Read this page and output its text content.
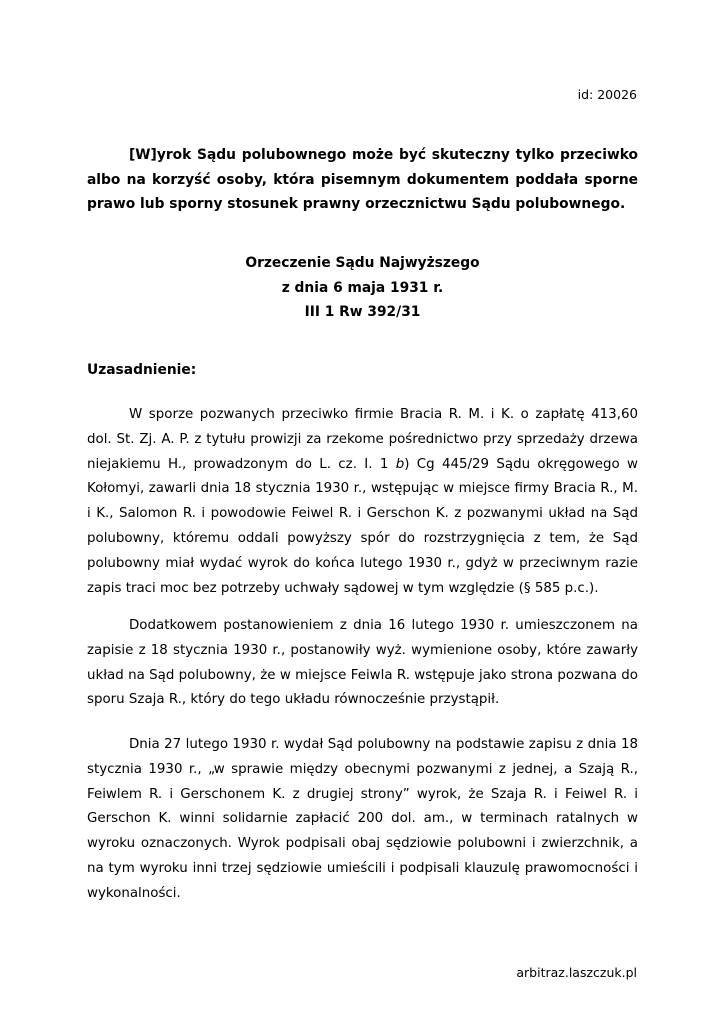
id: 20026

[W]yrok Sądu polubownego może być skuteczny tylko przeciwko albo na korzyść osoby, która pisemnym dokumentem poddała sporne prawo lub sporny stosunek prawny orzecznictwu Sądu polubownego.

Orzeczenie Sądu Najwyższego
z dnia 6 maja 1931 r.
III 1 Rw 392/31

Uzasadnienie:

W sporze pozwanych przeciwko firmie Bracia R. M. i K. o zapłatę 413,60 dol. St. Zj. A. P. z tytułu prowizji za rzekome pośrednictwo przy sprzedaży drzewa niejakiemu H., prowadzonym do L. cz. I. 1 b) Cg 445/29 Sądu okręgowego w Kołomyi, zawarli dnia 18 stycznia 1930 r., wstępując w miejsce firmy Bracia R., M. i K., Salomon R. i powodowie Feiwel R. i Gerschon K. z pozwanymi układ na Sąd polubowny, któremu oddali powyższy spór do rozstrzygnięcia z tem, że Sąd polubowny miał wydać wyrok do końca lutego 1930 r., gdyż w przeciwnym razie zapis traci moc bez potrzeby uchwały sądowej w tym względzie (§ 585 p.c.).

Dodatkowem postanowieniem z dnia 16 lutego 1930 r. umieszczonem na zapisie z 18 stycznia 1930 r., postanowiły wyż. wymienione osoby, które zawarły układ na Sąd polubowny, że w miejsce Feiwla R. wstępuje jako strona pozwana do sporu Szaja R., który do tego układu równocześnie przystąpił.

Dnia 27 lutego 1930 r. wydał Sąd polubowny na podstawie zapisu z dnia 18 stycznia 1930 r., „w sprawie między obecnymi pozwanymi z jednej, a Szają R., Feiwlem R. i Gerschonem K. z drugiej strony” wyrok, że Szaja R. i Feiwel R. i Gerschon K. winni solidarnie zapłacić 200 dol. am., w terminach ratalnych w wyroku oznaczonych. Wyrok podpisali obaj sędziowie polubowni i zwierzchnik, a na tym wyroku inni trzej sędziowie umieścili i podpisali klauzulę prawomocności i wykonalności.

arbitraz.laszczuk.pl
